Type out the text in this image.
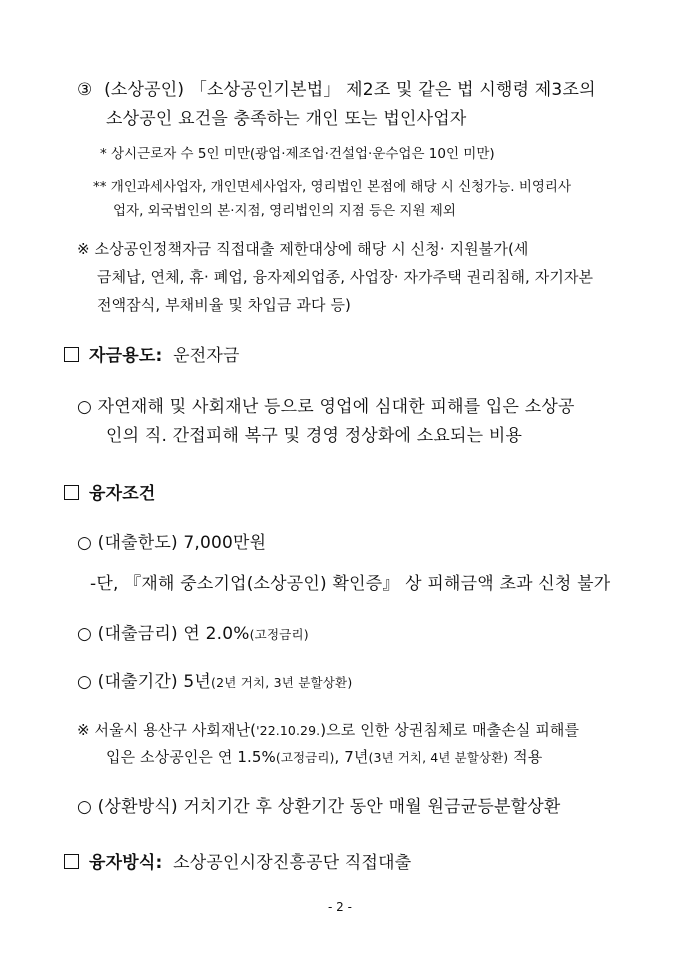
③ (소상공인) 「소상공인기본법」 제2조 및 같은 법 시행령 제3조의
소상공인 요건을 충족하는 개인 또는 법인사업자
* 상시근로자 수 5인 미만(광업·제조업·건설업·운수업은 10인 미만)
** 개인과세사업자, 개인면세사업자, 영리법인 본점에 해당 시 신청가능. 비영리사
업자, 외국법인의 본·지점, 영리법인의 지점 등은 지원 제외
※ 소상공인정책자금 직접대출 제한대상에 해당 시 신청· 지원불가(세
금체납, 연체, 휴· 폐업, 융자제외업종, 사업장· 자가주택 권리침해, 자기자본
전액잠식, 부채비율 및 차입금 과다 등)
자금용도: 운전자금
○ 자연재해 및 사회재난 등으로 영업에 심대한 피해를 입은 소상공
인의 직. 간접피해 복구 및 경영 정상화에 소요되는 비용
융자조건
○ (대출한도) 7,000만원
-단, 『재해 중소기업(소상공인) 확인증』 상 피해금액 초과 신청 불가
○ (대출금리) 연 2.0%(고정금리)
○ (대출기간) 5년(2년 거치, 3년 분할상환)
※ 서울시 용산구 사회재난('22.10.29.)으로 인한 상권침체로 매출손실 피해를
입은 소상공인은 연 1.5%(고정금리), 7년(3년 거치, 4년 분할상환) 적용
○ (상환방식) 거치기간 후 상환기간 동안 매월 원금균등분할상환
융자방식: 소상공인시장진흥공단 직접대출
- 2 -
